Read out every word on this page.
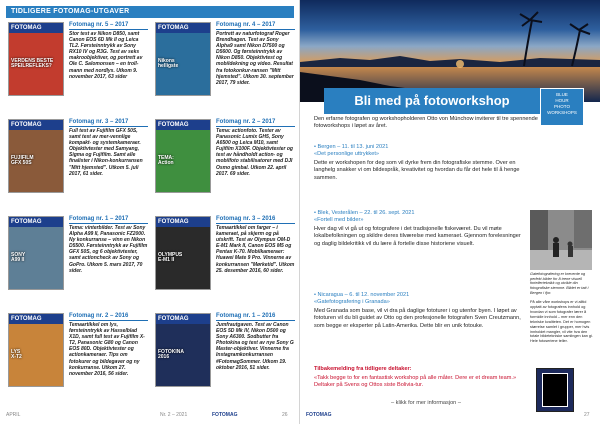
TIDLIGERE FOTOMAG-UTGAVER
FOTOMAG
VERDENS BESTE
SPEILREFLEKS?
Fotomag nr. 5 – 2017
Stor test av Nikon D850, samt Canon EOS 6D Mk II og Leica TL2. Førsteinntrykk av Sony RX10 IV og R3G. Test av seks makroobjektiver, og portrett av Ole C. Salomonsen – en troll-mann med nordlys. Utkom 9. november 2017, 63 sider
FOTOMAG
Nikons
helligste
Fotomag nr. 4 – 2017
Portrett av naturfotograf Roger Brendhagen. Test av Sony Alpha9 samt Nikon D7500 og D5600. Og førsteinntrykk av Nikon D850. Objektivtest og mobildekning og video. Resultat fra fotokonkur-ransen "Mitt hjemsted". Utkom 30. september 2017, 79 sider.
FOTOMAG
FUJIFILM
GFX 50S
Fotomag nr. 3 – 2017
Full test av Fujifilm GFX 50S, samt test av mer-vennlige kompakt- og systemkameraer. Objektivtester med Samyang, Sigma og Fujifilm. Samt alle finalister i Nikon-konkurransen "Mitt hjemsted". Utkom 5. juli 2017, 61 sider.
FOTOMAG
TEMA:
Action
Fotomag nr. 2 – 2017
Tema: actionfoto. Tester av Panasonic Lumix GH5, Sony A6500 og Leica M10, samt Fujifilm X100F. Objektivtester og test av håndholdt action- og mobilfoto stabilisatorer med DJI Osmo gimbal. Utkom 22. april 2017. 69 sider.
FOTOMAG
SONY
A99 II
Fotomag nr. 1 – 2017
Tema: vinterbilder. Test av Sony Alpha A99 II, Panasonic FZ2000. Ny konkurranse – vinn en Nikon D5500. Førsteinntrykk av Fujifilm GFX 50S, og 6 objektivtester, samt actioncheck av Sony og GoPro. Utkom 5. mars 2017, 70 sider.
FOTOMAG
OLYMPUS
E-M1 II
Fotomag nr. 3 – 2016
Temaartikkel om farger – i kameraet, på skjerm og på utskrift. Test av Olympus OM-D E-M1 Mark II, Canon EOS M5 og Pentax K-70. Mobilkameraer: Huawei Mate 9 Pro. Vinnerne av konkurransen "Mørketid". Utkom 25. desember 2016, 60 sider.
FOTOMAG
LYS
X-T2
Fotomag nr. 2 – 2016
Temaartikkel om lys, førsteinntrykk av Hasselblad X1D, samt full test av Fujifilm X-T2, Panasonic G80 og Canon EOS 80D. Objektivtester og actionkameraer. Tips om fotokurer og bildegaver og ny konkurranse. Utkom 27. november 2016, 56 sider.
FOTOMAG
FOTOKINA
2016
Fotomag nr. 1 – 2016
Jumfrautgaven. Test av Canon EOS 5D Mk IV, Nikon D500 og Sony A6300. Sodbutter fra Photokina og test av nye Sony G Master-objektiver. Vinnerne fra Instagramkonkurransen #FotomagSommer. Utkom 19. oktober 2016, 51 sider.
APRIL	Nr. 2 – 2021	FOTOMAG	26
Bli med på fotoworkshop	BLUE
HOUR
PHOTO
WORKSHOPS
Den erfarne fotografen og workshopholderen Otto von Münchow inviterer til tre spennende fotoworkshops i løpet av året.
• Bergen – 11. til 13. juni 2021
«Det personlige uttrykket»
Dette er workshopen for deg som vil dyrke frem din fotografiske stemme. Over en langhelg snakker vi om bildespråk, kreativitet og hvordan du får det hele til å henge sammen.
• Blek, Vesterålen – 22. til 26. sept. 2021
«Fortell med bilder»
Hver dag vil vi gå ut og fotografere i det tradisjonelle fiskeværet. Du vil møte lokalbefolkningen og skildre deres tilværelse med kameraet. Gjennom forelesninger og daglig bildekritikk vil du lære å fortelle disse historiene visuelt.
• Nicaragua – 6. til 12. november 2021
«Gatefotografering i Granada»
Med Granada som base, vil vi dra på daglige fototurer i og utenfor byen. I løpet av fototuren vil du bli guidet av Otto og den profesjonelle fotografen Sven Creutzmann, som begge er eksperter på Latin-Amerika. Dette blir en unik fotouke.
Gatefotografering er kreverde og perfekt bilder for å trene visuell fortellerteknikk og utvikle din fotografiske stemme. Bildet er tatt i Bergen i fjor.
På alle våre workshops er vi alltid opptatt av fotografens innhold og hvordan vi som fotografer lærer å formidle innhold – mer enn den tekniske kvaliteten. Det er homogen størrelse samlet i grupper, mer hvis innholdet mangler, vil vite hva den totale bildetekniske samlingen kan gi. Hele fotoseriene teller.
Tilbakemelding fra tidligere deltaker:
«Takk begge to for en fantastisk workshop på alle måter. Dere er et dream team.» Deltaker på Svens og Ottos siste Bolivia-tur.
– klikk for mer informasjon –
FOTOMAG	27
